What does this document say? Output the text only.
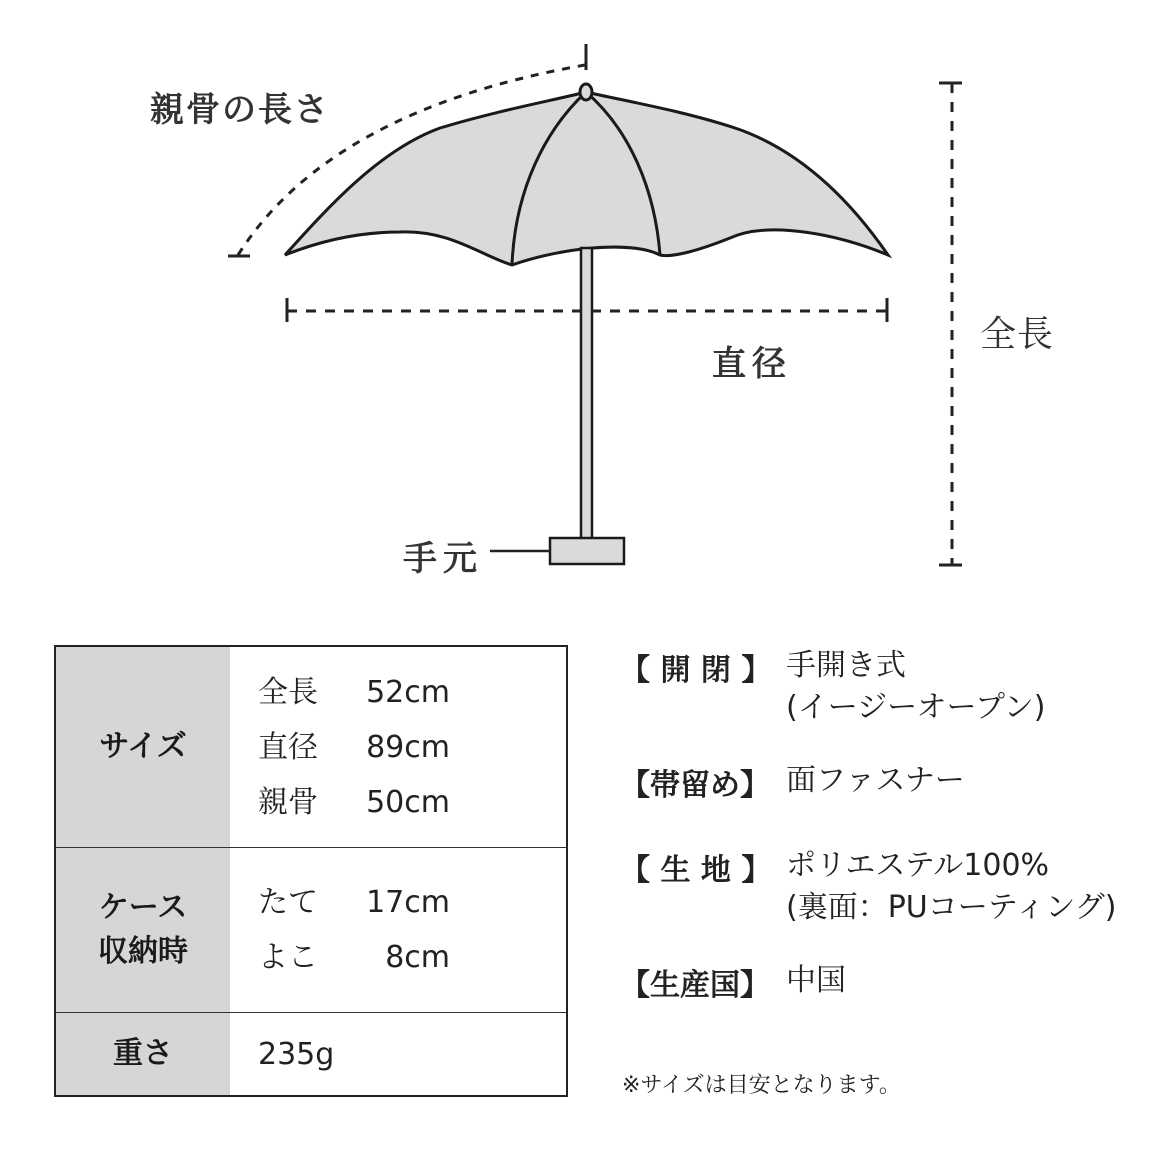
親骨の長さ
直径
全長
手元
サイズ
全長	52cm
直径	89cm
親骨	50cm
ケース
収納時
たて	17cm
よこ	8cm
重さ	235g
【 開 閉 】 手開き式
(イージーオープン)
【帯留め】 面ファスナー
【 生 地 】 ポリエステル100%
(裏面：PUコーティング)
【生産国】 中国
※サイズは目安となります。
